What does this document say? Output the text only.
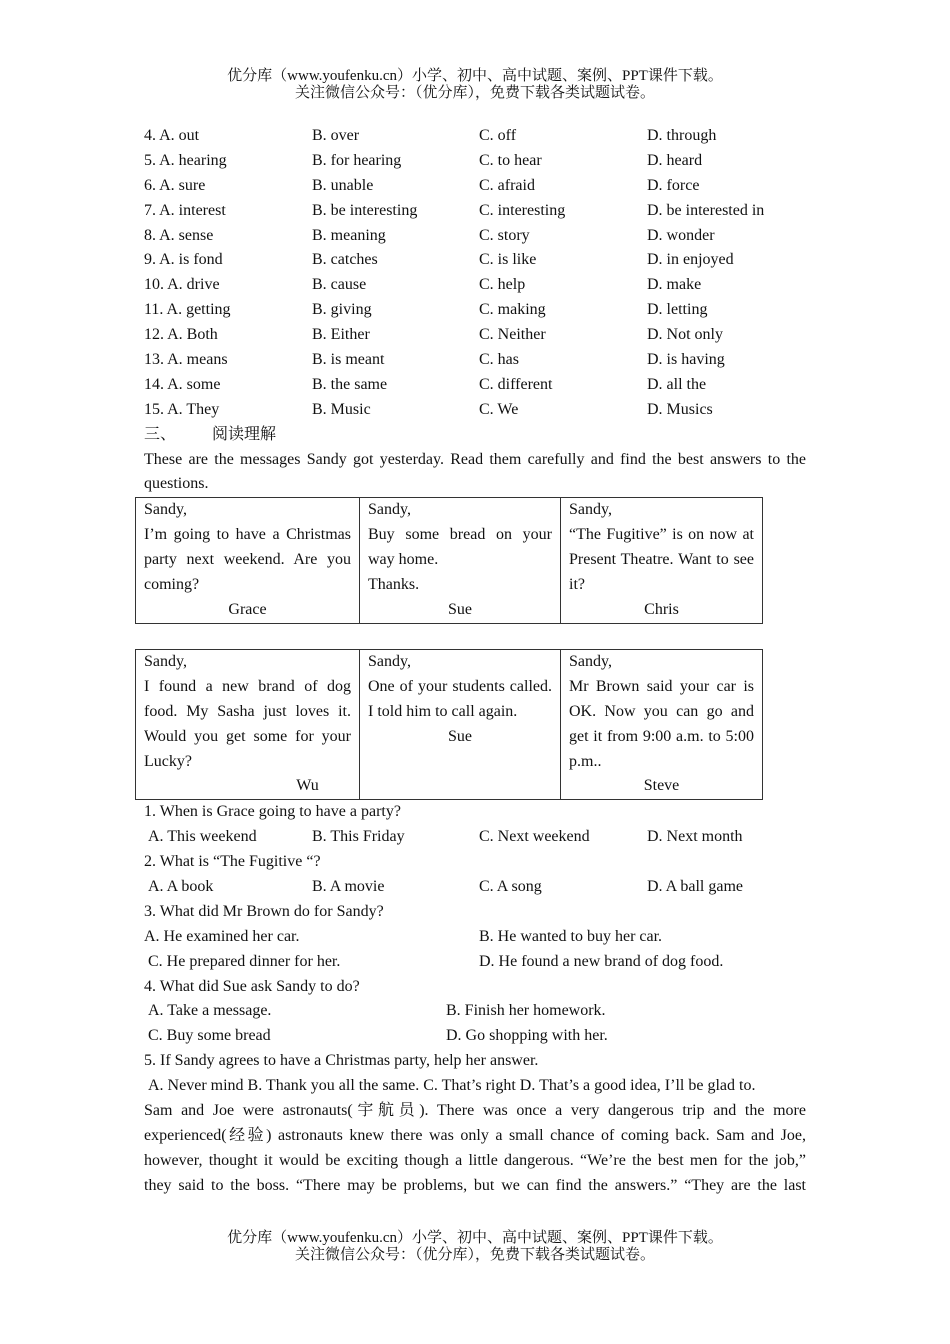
优分库（www.youfenku.cn）小学、初中、高中试题、案例、PPT课件下载。
关注微信公众号：（优分库），免费下载各类试题试卷。
4. A. out	B. over	C. off	D. through
5. A. hearing	B. for hearing	C. to hear	D. heard
6. A. sure	B. unable	C. afraid	D. force
7. A. interest	B. be interesting	C. interesting	D. be interested in
8. A. sense	B. meaning	C. story	D. wonder
9. A. is fond	B. catches	C. is like	D. in enjoyed
10. A. drive	B. cause	C. help	D. make
11. A. getting	B. giving	C. making	D. letting
12. A. Both	B. Either	C. Neither	D. Not only
13. A. means	B. is meant	C. has	D. is having
14. A. some	B. the same	C. different	D. all the
15. A. They	B. Music	C. We	D. Musics
三、 阅读理解
These are the messages Sandy got yesterday. Read them carefully and find the best answers to the questions.
Sandy,
I’m going to have a Christmas party next weekend. Are you coming?
Grace

Sandy,
Buy some bread on your way home.
Thanks.
Sue

Sandy,
“The Fugitive” is on now at Present Theatre. Want to see it?
Chris
Sandy,
I found a new brand of dog food. My Sasha just loves it. Would you get some for your Lucky?
Wu

Sandy,
One of your students called. I told him to call again.
Sue

Sandy,
Mr Brown said your car is OK. Now you can go and get it from 9:00 a.m. to 5:00 p.m..
Steve
1. When is Grace going to have a party?
A. This weekend	B. This Friday	C. Next weekend	D. Next month
2. What is “The Fugitive “?
A. A book	B. A movie	C. A song	D. A ball game
3. What did Mr Brown do for Sandy?
A. He examined her car.	B. He wanted to buy her car.
C. He prepared dinner for her.	D. He found a new brand of dog food.
4. What did Sue ask Sandy to do?
A. Take a message.	B. Finish her homework.
C. Buy some bread	D. Go shopping with her.
5. If Sandy agrees to have a Christmas party, help her answer.
A. Never mind B. Thank you all the same. C. That’s right D. That’s a good idea, I’ll be glad to.
Sam and Joe were astronauts(宇航员). There was once a very dangerous trip and the more
experienced(经验) astronauts knew there was only a small chance of coming back. Sam and Joe,
however, thought it would be exciting though a little dangerous. “We’re the best men for the job,”
they said to the boss. “There may be problems, but we can find the answers.” “They are the last
优分库（www.youfenku.cn）小学、初中、高中试题、案例、PPT课件下载。
关注微信公众号：（优分库），免费下载各类试题试卷。
